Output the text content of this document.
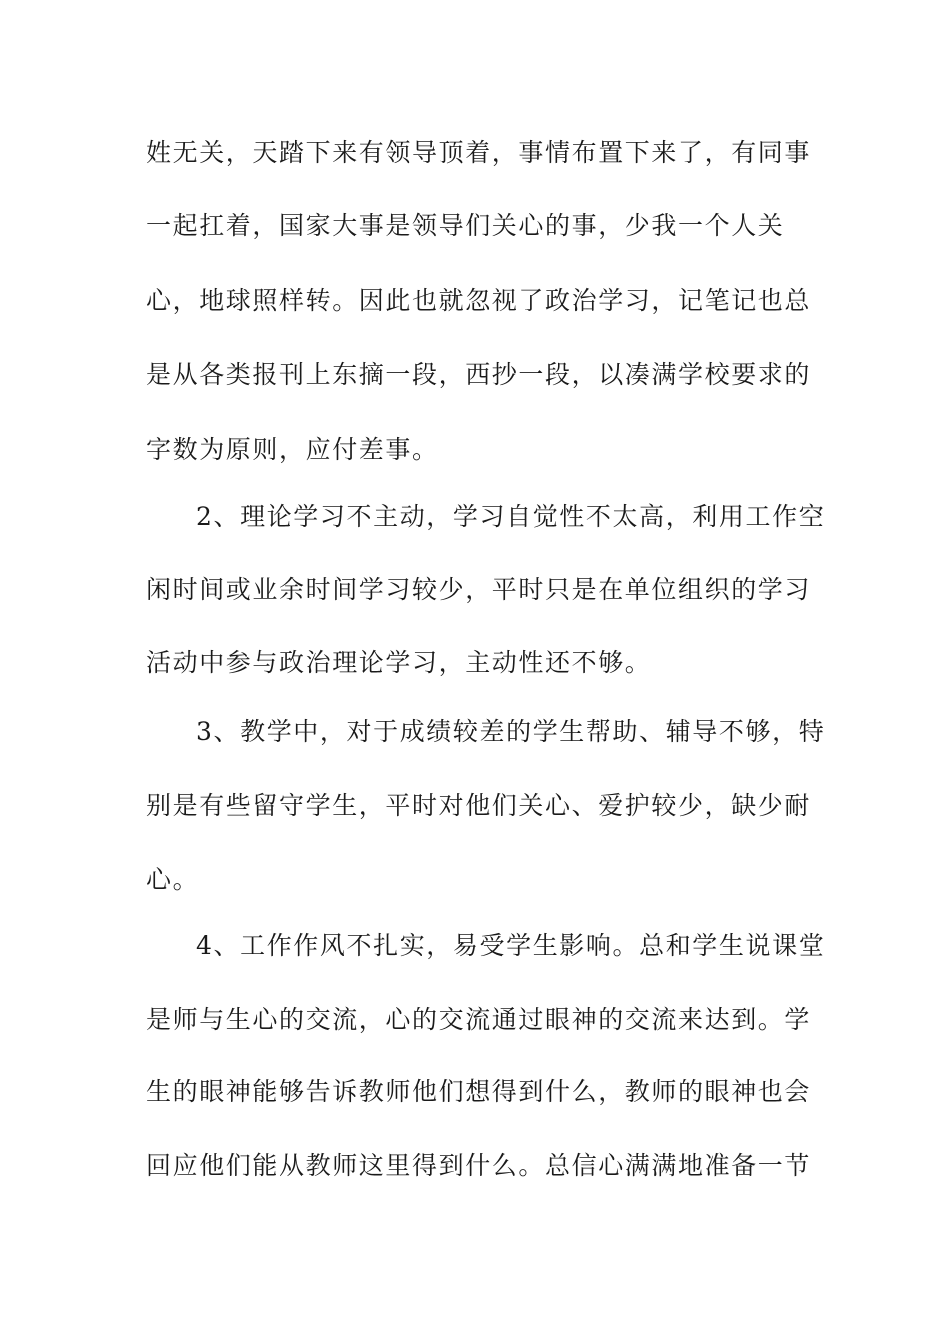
姓无关，天踏下来有领导顶着，事情布置下来了，有同事
一起扛着，国家大事是领导们关心的事，少我一个人关
心，地球照样转。因此也就忽视了政治学习，记笔记也总
是从各类报刊上东摘一段，西抄一段，以凑满学校要求的
字数为原则，应付差事。
2、理论学习不主动，学习自觉性不太高，利用工作空
闲时间或业余时间学习较少，平时只是在单位组织的学习
活动中参与政治理论学习，主动性还不够。
3、教学中，对于成绩较差的学生帮助、辅导不够，特
别是有些留守学生，平时对他们关心、爱护较少，缺少耐
心。
4、工作作风不扎实，易受学生影响。总和学生说课堂
是师与生心的交流，心的交流通过眼神的交流来达到。学
生的眼神能够告诉教师他们想得到什么，教师的眼神也会
回应他们能从教师这里得到什么。总信心满满地准备一节
